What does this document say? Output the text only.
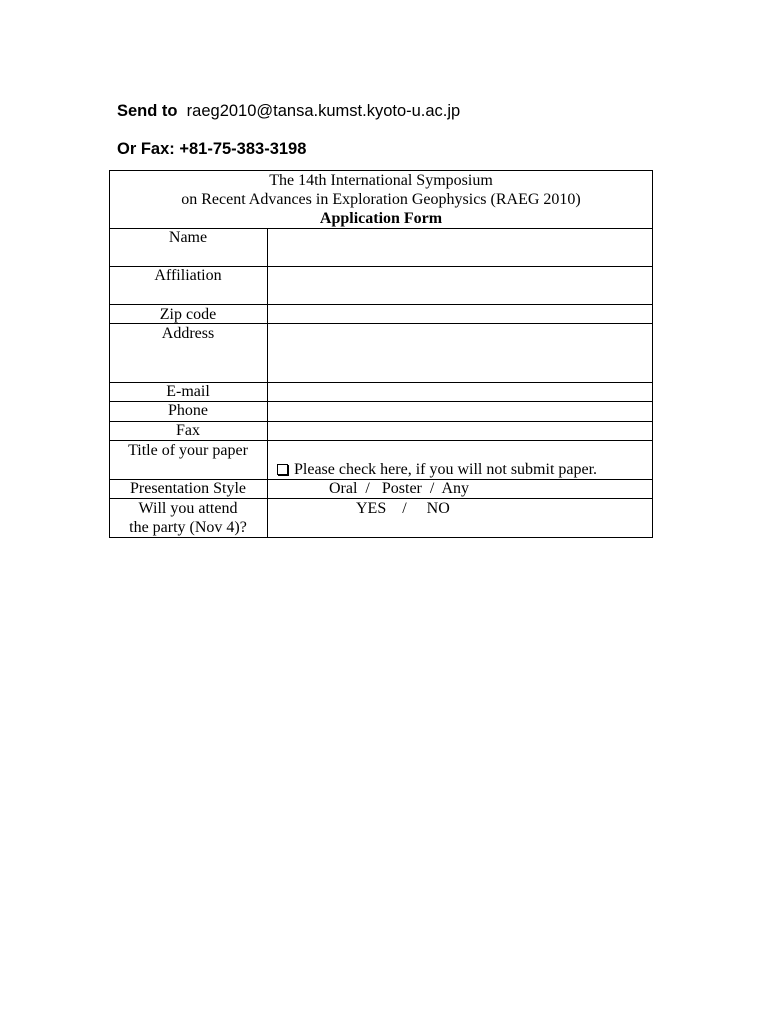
Send to raeg2010@tansa.kumst.kyoto-u.ac.jp
Or Fax: +81-75-383-3198
The 14th International Symposium
on Recent Advances in Exploration Geophysics (RAEG 2010)
Application Form
Name
Affiliation
Zip code
Address
E-mail
Phone
Fax
Title of your paper
Presentation Style
Will you attend
the party (Nov 4)?
Please check here, if you will not submit paper.
Oral  /   Poster  /  Any
YES    /     NO
